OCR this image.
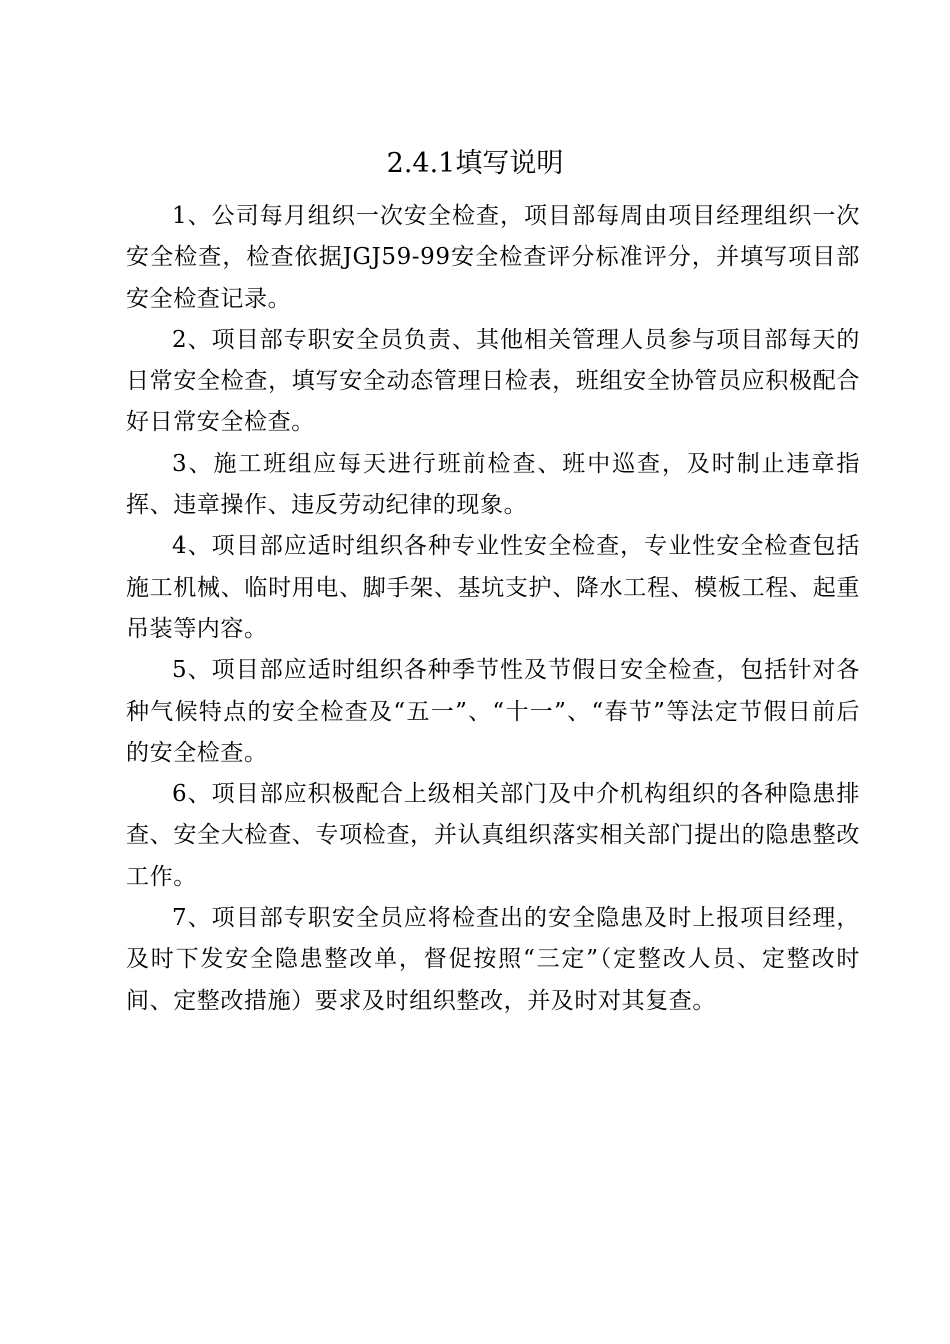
2.4.1填写说明

1、公司每月组织一次安全检查，项目部每周由项目经理组织一次安全检查，检查依据JGJ59-99安全检查评分标准评分，并填写项目部安全检查记录。

2、项目部专职安全员负责、其他相关管理人员参与项目部每天的日常安全检查，填写安全动态管理日检表，班组安全协管员应积极配合好日常安全检查。

3、施工班组应每天进行班前检查、班中巡查，及时制止违章指挥、违章操作、违反劳动纪律的现象。

4、项目部应适时组织各种专业性安全检查，专业性安全检查包括施工机械、临时用电、脚手架、基坑支护、降水工程、模板工程、起重吊装等内容。

5、项目部应适时组织各种季节性及节假日安全检查，包括针对各种气候特点的安全检查及“五一”、“十一”、“春节”等法定节假日前后的安全检查。

6、项目部应积极配合上级相关部门及中介机构组织的各种隐患排查、安全大检查、专项检查，并认真组织落实相关部门提出的隐患整改工作。

7、项目部专职安全员应将检查出的安全隐患及时上报项目经理，及时下发安全隐患整改单，督促按照“三定”（定整改人员、定整改时间、定整改措施）要求及时组织整改，并及时对其复查。
